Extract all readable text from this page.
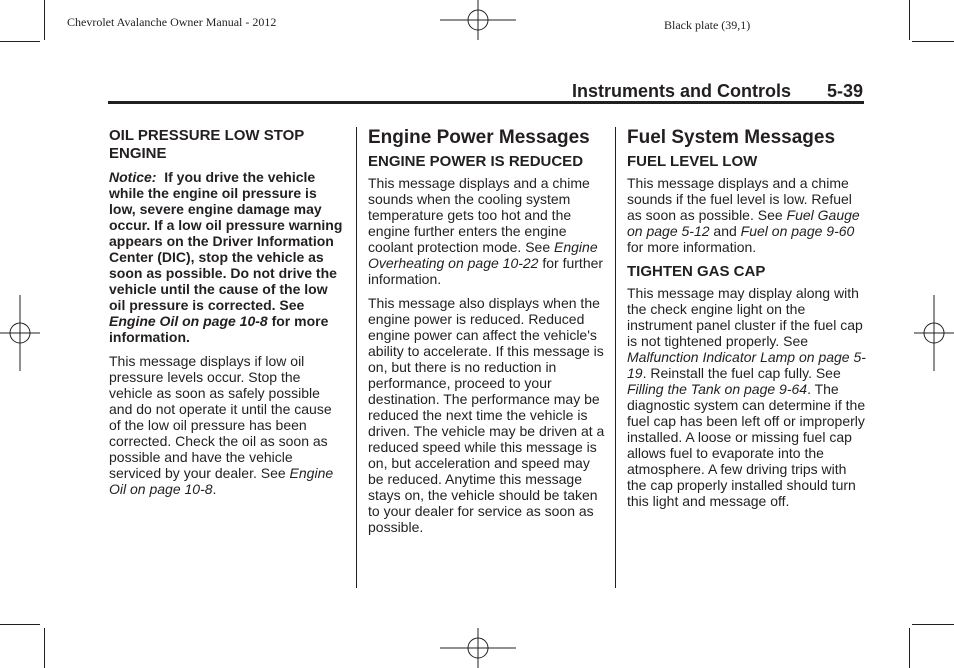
Chevrolet Avalanche Owner Manual - 2012	Black plate (39,1)
Instruments and Controls 5-39

OIL PRESSURE LOW STOP ENGINE

Notice: If you drive the vehicle while the engine oil pressure is low, severe engine damage may occur. If a low oil pressure warning appears on the Driver Information Center (DIC), stop the vehicle as soon as possible. Do not drive the vehicle until the cause of the low oil pressure is corrected. See Engine Oil on page 10-8 for more information.

This message displays if low oil pressure levels occur. Stop the vehicle as soon as safely possible and do not operate it until the cause of the low oil pressure has been corrected. Check the oil as soon as possible and have the vehicle serviced by your dealer. See Engine Oil on page 10-8.

Engine Power Messages

ENGINE POWER IS REDUCED

This message displays and a chime sounds when the cooling system temperature gets too hot and the engine further enters the engine coolant protection mode. See Engine Overheating on page 10-22 for further information.

This message also displays when the engine power is reduced. Reduced engine power can affect the vehicle's ability to accelerate. If this message is on, but there is no reduction in performance, proceed to your destination. The performance may be reduced the next time the vehicle is driven. The vehicle may be driven at a reduced speed while this message is on, but acceleration and speed may be reduced. Anytime this message stays on, the vehicle should be taken to your dealer for service as soon as possible.

Fuel System Messages

FUEL LEVEL LOW

This message displays and a chime sounds if the fuel level is low. Refuel as soon as possible. See Fuel Gauge on page 5-12 and Fuel on page 9-60 for more information.

TIGHTEN GAS CAP

This message may display along with the check engine light on the instrument panel cluster if the fuel cap is not tightened properly. See Malfunction Indicator Lamp on page 5-19. Reinstall the fuel cap fully. See Filling the Tank on page 9-64. The diagnostic system can determine if the fuel cap has been left off or improperly installed. A loose or missing fuel cap allows fuel to evaporate into the atmosphere. A few driving trips with the cap properly installed should turn this light and message off.
